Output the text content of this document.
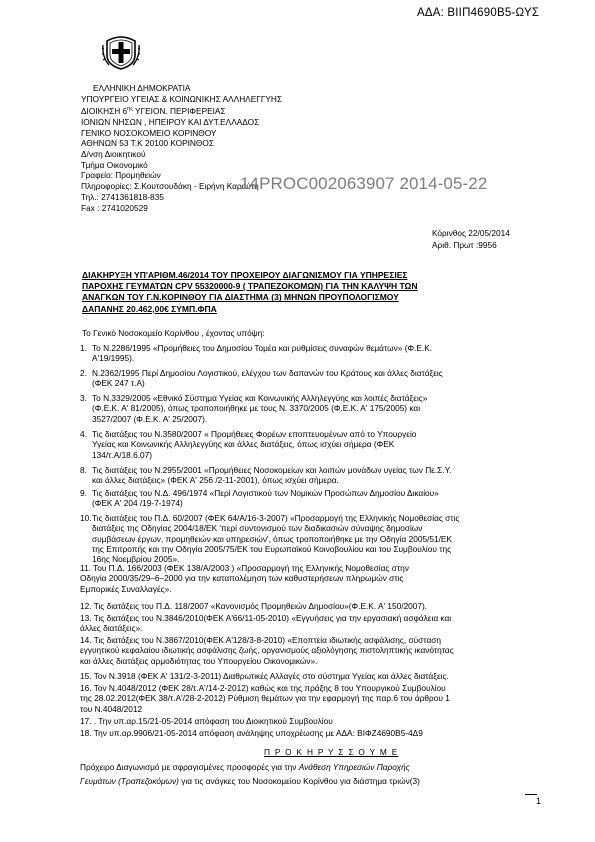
ΑΔΑ: ΒΙΙΠ4690Β5-ΩΥΣ
ΕΛΛΗΝΙΚΗ ΔΗΜΟΚΡΑΤΙΑ
ΥΠΟΥΡΓΕΙΟ ΥΓΕΙΑΣ & ΚΟΙΝΩΝΙΚΗΣ ΑΛΛΗΛΕΓΓΥΗΣ
ΔΙΟΙΚΗΣΗ $6^{\eta\varsigma}$ ΥΓΕΙΟΝ. ΠΕΡΙΦΕΡΕΙΑΣ
ΙΟΝΙΩΝ ΝΗΣΩΝ , ΗΠΕΙΡΟΥ ΚΑΙ ΔΥΤ.ΕΛΛΑΔΟΣ
ΓΕΝΙΚΟ ΝΟΣΟΚΟΜΕΙΟ ΚΟΡΙΝΘΟΥ
ΑΘΗΝΩΝ 53 Τ.Κ 20100 ΚΟΡΙΝΘΟΣ
Δ/νση Διοικητικού
Τμήμα Οικονομικό
Γραφείο: Προμηθειών
Πληροφορίες: Σ.Κουτσουδάκη - Ειρήνη Καρούτη
Τηλ.: 2741361818-835
Fax : 2741020529
14PROC002063907 2014-05-22
Κόρινθος 22/05/2014
Αριθ. Πρωτ :9956
ΔΙΑΚΗΡΥΞΗ ΥΠ'ΑΡΙΘΜ.46/2014 ΤΟΥ ΠΡΟΧΕΙΡΟΥ ΔΙΑΓΩΝΙΣΜΟΥ ΓΙΑ ΥΠΗΡΕΣΙΕΣ
ΠΑΡΟΧΗΣ ΓΕΥΜΑΤΩΝ CPV 55320000-9 ( ΤΡΑΠΕΖΟΚΟΜΩΝ) ΓΙΑ ΤΗΝ ΚΑΛΥΨΗ ΤΩΝ
ΑΝΑΓΚΩΝ ΤΟΥ Γ.Ν.ΚΟΡΙΝΘΟΥ ΓΙΑ ΔΙΑΣΤΗΜΑ (3) ΜΗΝΩΝ ΠΡΟΥΠΟΛΟΓΙΣΜΟΥ
ΔΑΠΑΝΗΣ 20.462,00€ ΣΥΜΠ.ΦΠΑ
Το Γενικό Νοσοκομείο Κορίνθου , έχοντας υπόψη:
1. Το Ν.2286/1995 «Προμήθειες του Δημοσίου Τομέα και ρυθμίσεις συναφών θεμάτων» (Φ.Ε.Κ.
Α'19/1995).
2. Ν.2362/1995 Περί Δημοσίου Λογιστικού, ελέγχου των δαπανών του Κράτους και άλλες διατάξεις
(ΦΕΚ 247 τ.Α)
3. Το Ν.3329/2005 «Εθνικό Σύστημα Υγείας και Κοινωνικής Αλληλεγγύης και λοιπές διατάξεις»
(Φ.Ε.Κ. Α' 81/2005), όπως τροποποιήθηκε με τους Ν. 3370/2005 (Φ.Ε.Κ. Α' 175/2005) και
3527/2007 (Φ.Ε.Κ. Α' 25/2007).
4. Τις διατάξεις του Ν.3580/2007 « Προμήθειες Φορέων εποπτευομένων από το Υπουργείο
Υγείας και Κοινωνικής Αλληλεγγύης και άλλες διατάξεις, όπως ισχύει σήμερα (ΦΕΚ
134/τ.Α/18.6.07)
8. Τις διατάξεις του Ν.2955/2001 «Προμήθειες Νοσοκομείων και λοιπών μονάδων υγείας των Πε.Σ.Υ.
και άλλες διατάξεις» (ΦΕΚ Α' 256 /2-11-2001), όπως ισχύει σήμερα.
9. Τις διατάξεις του Ν.Δ. 496/1974 «Περί Λογιστικού των Νομικών Προσώπων Δημοσίου Δικαίου»
(ΦΕΚ Α' 204 /19-7-1974)
10. Τις διατάξεις του Π.Δ. 60/2007 (ΦΕΚ 64/Α/16-3-2007) «Προσαρμογή της Ελληνικής Νομοθεσίας στις
διατάξεις της Οδηγίας 2004/18/ΕΚ 'περί συντονισμού των διαδικασιών σύναψης δημοσίων
συμβάσεων έργων, προμηθειών και υπηρεσιών', όπως τροποποιήθηκε με την Οδηγία 2005/51/ΕΚ
της Επιτροπής και την Οδηγία 2005/75/ΕΚ του Ευρωπαϊκού Κοινοβουλίου και του Συμβουλίου της
16ης Νοεμβρίου 2005».
11. Του Π.Δ. 166/2003 (ΦΕΚ 138/Α/2003 ) «Προσαρμογή της Ελληνικής Νομοθεσίας στην
Οδηγία 2000/35/29–6–2000 για την καταπολέμηση των καθυστερήσεων πληρωμών στις
Εμπορικές Συναλλαγές».
12. Τις διατάξεις του Π.Δ. 118/2007 «Κανονισμός Προμηθειών Δημοσίου»(Φ.Ε.Κ. Α' 150/2007).
13. Τις διατάξεις του Ν.3846/2010(ΦΕΚ Α'66/11-05-2010) «Εγγυήσεις για την εργασιακή ασφάλεια και
άλλες διατάξεις».
14. Τις διατάξεις του Ν.3867/2010(ΦΕΚ Α'128/3-8-2010) «Εποπτεία ιδιωτικής ασφάλισης, σύσταση
εγγυητικού κεφαλαίου ιδιωτικής ασφάλισης ζωής, οργανισμούς αξιολόγησης πιστοληπτικής ικανότητας
και άλλες διατάξεις αρμοδιότητας του Υπουργείου Οικονομικών».
15. Τον Ν.3918 (ΦΕΚ Α' 131/2-3-2011) Διαθρωτικές Αλλαγές στο σύστημα Υγείας και άλλες διατάξεις.
16. Τον Ν.4048/2012 (ΦΕΚ 28/τ.Α'/14-2-2012) καθώς και της πράξης 8 του Υπουργικού Συμβουλίου
της 28.02.2012(ΦΕΚ 38/τ.Α'/28-2-2012) Ρύθμιση θεμάτων για την εφαρμογή της παρ.6 του άρθρου 1
του Ν.4048/2012
17. . Την υπ.αρ.15/21-05-2014 απόφαση του Διοικητικού Συμβουλίου
18. Την υπ.αρ.9906/21-05-2014 απόφαση ανάληψης υποχρέωσης με ΑΔΑ: ΒΙΦΖ4690Β5-4Δ9
Π Ρ Ο Κ Η Ρ Υ Σ Σ Ο Υ Μ Ε
Πρόχειρο Διαγωνισμό με σφραγισμένες προσφορές για την Ανάθεση Υπηρεσιών Παροχής
Γευμάτων (Τραπεζοκόμων) για τις ανάγκες του Νοσοκομείου Κορίνθου για διάστημα τριών(3)
1
